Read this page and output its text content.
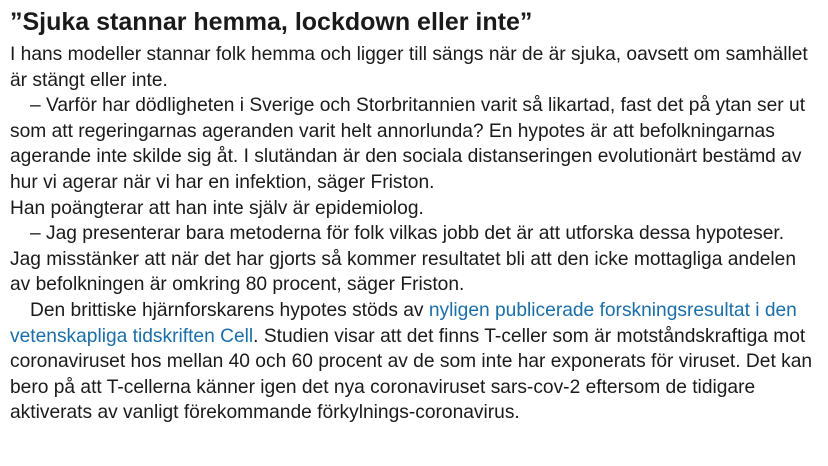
”Sjuka stannar hemma, lockdown eller inte”

I hans modeller stannar folk hemma och ligger till sängs när de är sjuka, oavsett om samhället är stängt eller inte.

– Varför har dödligheten i Sverige och Storbritannien varit så likartad, fast det på ytan ser ut som att regeringarnas ageranden varit helt annorlunda? En hypotes är att befolkningarnas agerande inte skilde sig åt. I slutändan är den sociala distanseringen evolutionärt bestämd av hur vi agerar när vi har en infektion, säger Friston.

Han poängterar att han inte själv är epidemiolog.

– Jag presenterar bara metoderna för folk vilkas jobb det är att utforska dessa hypoteser. Jag misstänker att när det har gjorts så kommer resultatet bli att den icke mottagliga andelen av befolkningen är omkring 80 procent, säger Friston.

Den brittiske hjärnforskarens hypotes stöds av nyligen publicerade forskningsresultat i den vetenskapliga tidskriften Cell. Studien visar att det finns T-celler som är motståndskraftiga mot coronaviruset hos mellan 40 och 60 procent av de som inte har exponerats för viruset. Det kan bero på att T-cellerna känner igen det nya coronaviruset sars-cov-2 eftersom de tidigare aktiverats av vanligt förekommande förkylnings-coronavirus.
